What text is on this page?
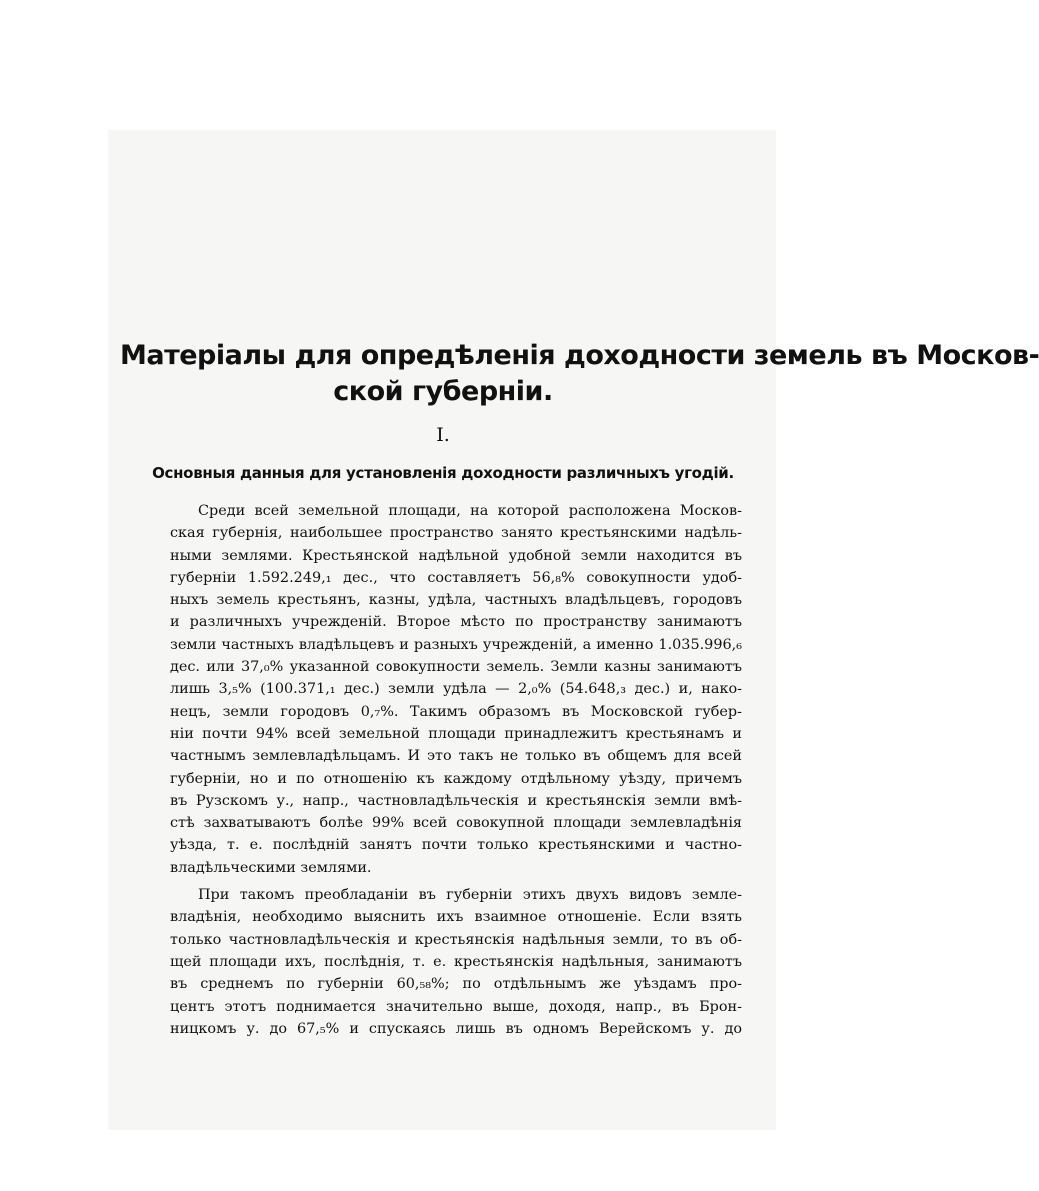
Матеріалы для опредѣленія доходности земель въ Москов-
ской губерніи.
I.
Основныя данныя для установленія доходности различныхъ угодій.
Среди всей земельной площади, на которой расположена Москов-
ская губернія, наибольшее пространство занято крестьянскими надѣль-
ными землями. Крестьянской надѣльной удобной земли находится въ
губерніи 1.592.249,₁ дес., что составляетъ 56,₈% совокупности удоб-
ныхъ земель крестьянъ, казны, удѣла, частныхъ владѣльцевъ, городовъ
и различныхъ учрежденій. Второе мѣсто по пространству занимаютъ
земли частныхъ владѣльцевъ и разныхъ учрежденій, а именно 1.035.996,₆
дес. или 37,₀% указанной совокупности земель. Земли казны занимаютъ
лишь 3,₅% (100.371,₁ дес.) земли удѣла — 2,₀% (54.648,₃ дес.) и, нако-
нецъ, земли городовъ 0,₇%. Такимъ образомъ въ Московской губер-
ніи почти 94% всей земельной площади принадлежитъ крестьянамъ и
частнымъ землевладѣльцамъ. И это такъ не только въ общемъ для всей
губерніи, но и по отношенію къ каждому отдѣльному уѣзду, причемъ
въ Рузскомъ у., напр., частновладѣльческія и крестьянскія земли вмѣ-
стѣ захватываютъ болѣе 99% всей совокупной площади землевладѣнія
уѣзда, т. е. послѣдній занятъ почти только крестьянскими и частно-
владѣльческими землями.
При такомъ преобладаніи въ губерніи этихъ двухъ видовъ земле-
владѣнія, необходимо выяснить ихъ взаимное отношеніе. Если взять
только частновладѣльческія и крестьянскія надѣльныя земли, то въ об-
щей площади ихъ, послѣднія, т. е. крестьянскія надѣльныя, занимаютъ
въ среднемъ по губерніи 60,₅₈%; по отдѣльнымъ же уѣздамъ про-
центъ этотъ поднимается значительно выше, доходя, напр., въ Брон-
ницкомъ у. до 67,₅% и спускаясь лишь въ одномъ Верейскомъ у. до
